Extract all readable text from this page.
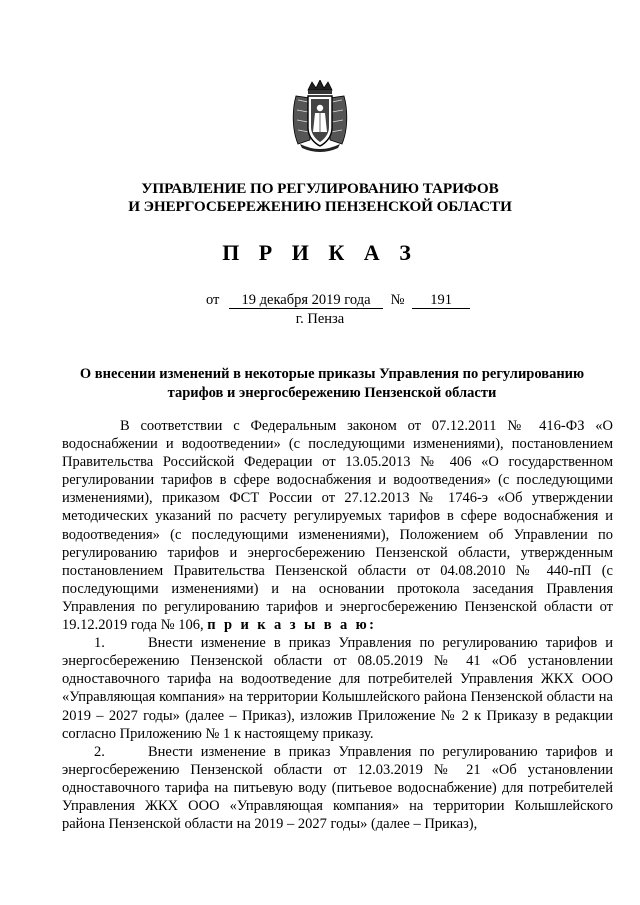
УПРАВЛЕНИЕ ПО РЕГУЛИРОВАНИЮ ТАРИФОВ
И ЭНЕРГОСБЕРЕЖЕНИЮ ПЕНЗЕНСКОЙ ОБЛАСТИ
П Р И К А З
от 19 декабря 2019 года № 191
г. Пенза
О внесении изменений в некоторые приказы Управления по регулированию тарифов и энергосбережению Пензенской области

В соответствии с Федеральным законом от 07.12.2011 № 416-ФЗ «О водоснабжении и водоотведении» (с последующими изменениями), постановлением Правительства Российской Федерации от 13.05.2013 № 406 «О государственном регулировании тарифов в сфере водоснабжения и водоотведения» (с последующими изменениями), приказом ФСТ России от 27.12.2013 № 1746-э «Об утверждении методических указаний по расчету регулируемых тарифов в сфере водоснабжения и водоотведения» (с последующими изменениями), Положением об Управлении по регулированию тарифов и энергосбережению Пензенской области, утвержденным постановлением Правительства Пензенской области от 04.08.2010 № 440-пП (с последующими изменениями) и на основании протокола заседания Правления Управления по регулированию тарифов и энергосбережению Пензенской области от 19.12.2019 года № 106, п р и к а з ы в а ю:

1.	Внести изменение в приказ Управления по регулированию тарифов и энергосбережению Пензенской области от 08.05.2019 № 41 «Об установлении одноставочного тарифа на водоотведение для потребителей Управления ЖКХ ООО «Управляющая компания» на территории Колышлейского района Пензенской области на 2019 – 2027 годы» (далее – Приказ), изложив Приложение № 2 к Приказу в редакции согласно Приложению № 1 к настоящему приказу.

2.	Внести изменение в приказ Управления по регулированию тарифов и энергосбережению Пензенской области от 12.03.2019 № 21 «Об установлении одноставочного тарифа на питьевую воду (питьевое водоснабжение) для потребителей Управления ЖКХ ООО «Управляющая компания» на территории Колышлейского района Пензенской области на 2019 – 2027 годы» (далее – Приказ),
